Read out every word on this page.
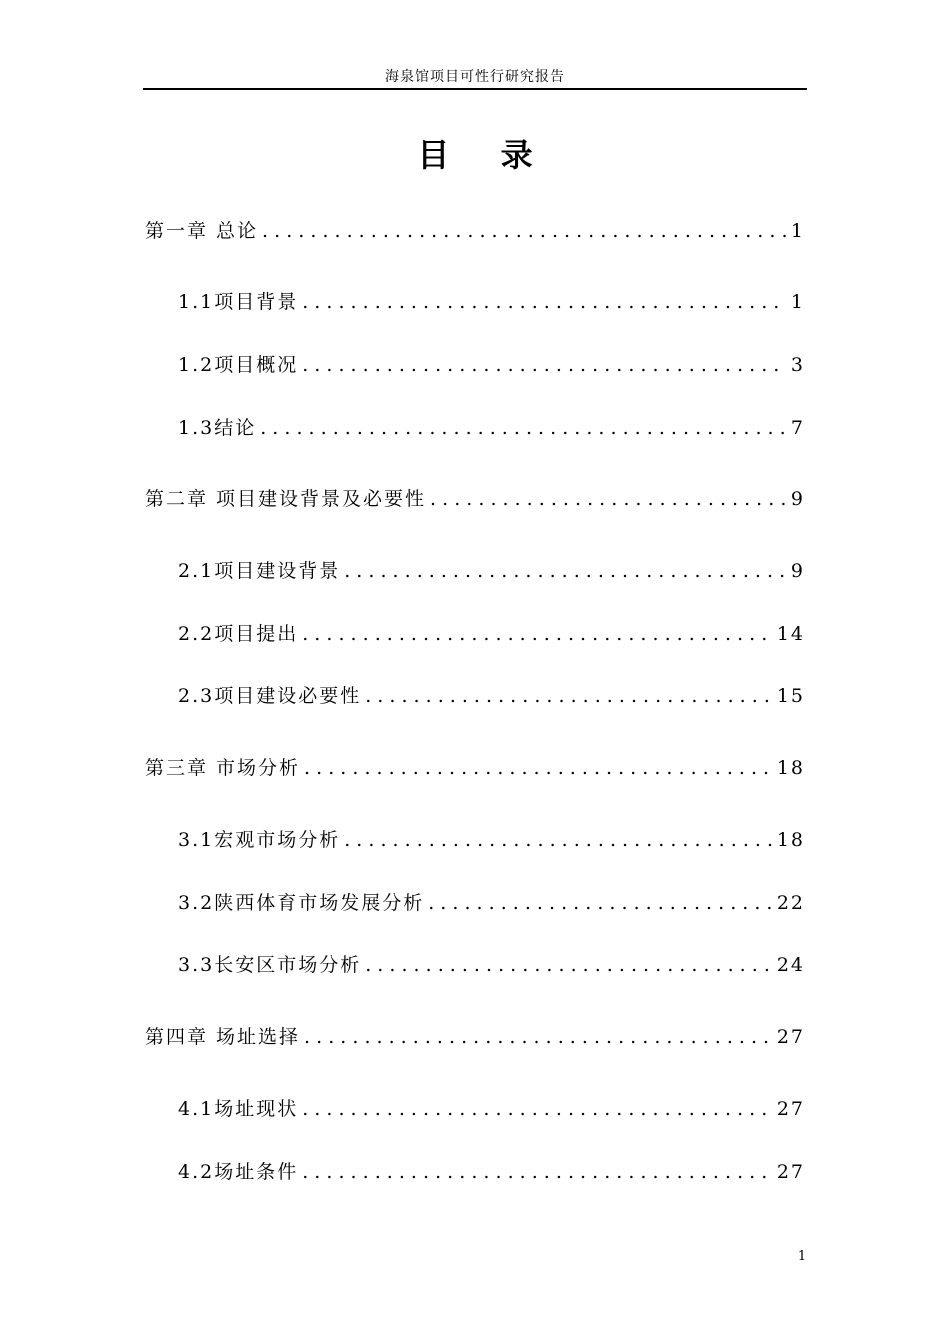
海泉馆项目可性行研究报告
目 录
第一章 总论 . . .	1
1.1项目背景 . . .	1
1.2项目概况 . . .	3
1.3结论 . . .	7
第二章 项目建设背景及必要性 . . .	9
2.1项目建设背景 . . .	9
2.2项目提出 . . .	14
2.3项目建设必要性 . . .	15
第三章 市场分析 . . .	18
3.1宏观市场分析 . . .	18
3.2陕西体育市场发展分析 . . .	22
3.3长安区市场分析 . . .	24
第四章 场址选择 . . .	27
4.1场址现状 . . .	27
4.2场址条件 . . .	27
1
